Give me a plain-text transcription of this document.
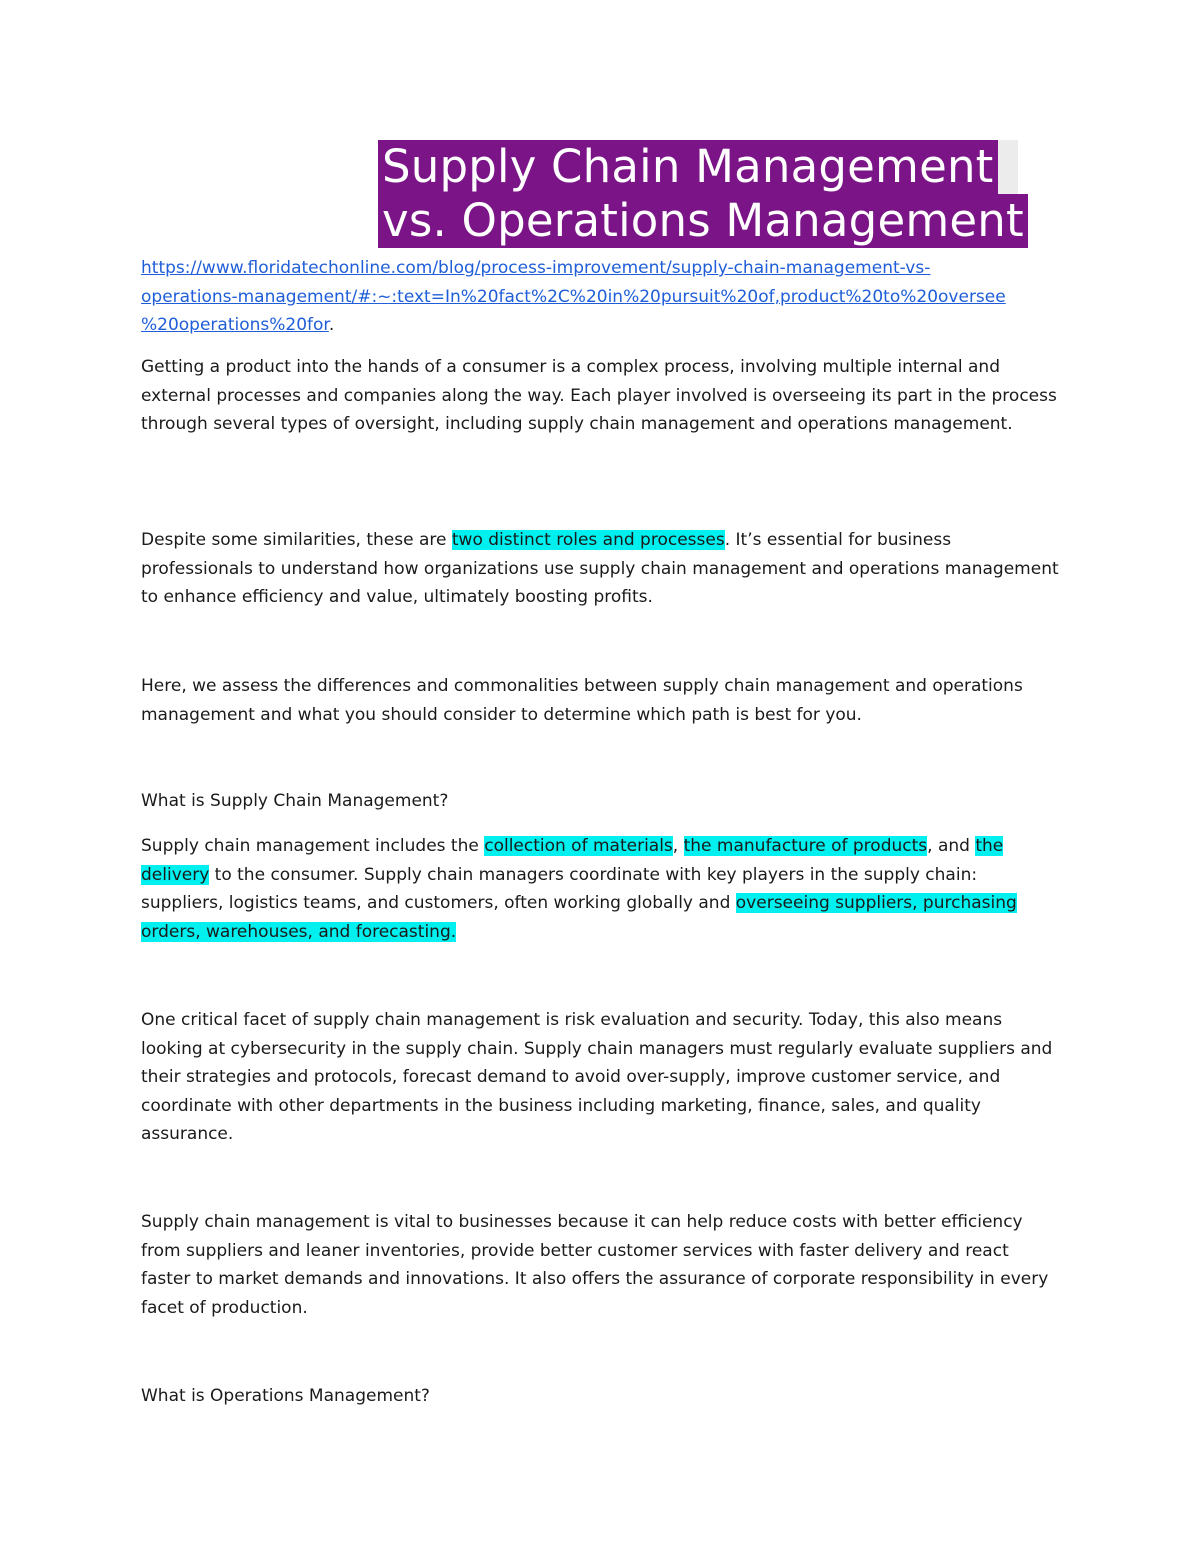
Supply Chain Management
vs. Operations Management
https://www.floridatechonline.com/blog/process-improvement/supply-chain-management-vs-
operations-management/#:~:text=In%20fact%2C%20in%20pursuit%20of,product%20to%20oversee
%20operations%20for.

Getting a product into the hands of a consumer is a complex process, involving multiple internal and external processes and companies along the way. Each player involved is overseeing its part in the process through several types of oversight, including supply chain management and operations management.

Despite some similarities, these are two distinct roles and processes. It’s essential for business professionals to understand how organizations use supply chain management and operations management to enhance efficiency and value, ultimately boosting profits.

Here, we assess the differences and commonalities between supply chain management and operations management and what you should consider to determine which path is best for you.

What is Supply Chain Management?

Supply chain management includes the collection of materials, the manufacture of products, and the delivery to the consumer. Supply chain managers coordinate with key players in the supply chain: suppliers, logistics teams, and customers, often working globally and overseeing suppliers, purchasing orders, warehouses, and forecasting.

One critical facet of supply chain management is risk evaluation and security. Today, this also means looking at cybersecurity in the supply chain. Supply chain managers must regularly evaluate suppliers and their strategies and protocols, forecast demand to avoid over-supply, improve customer service, and coordinate with other departments in the business including marketing, finance, sales, and quality assurance.

Supply chain management is vital to businesses because it can help reduce costs with better efficiency from suppliers and leaner inventories, provide better customer services with faster delivery and react faster to market demands and innovations. It also offers the assurance of corporate responsibility in every facet of production.

What is Operations Management?
